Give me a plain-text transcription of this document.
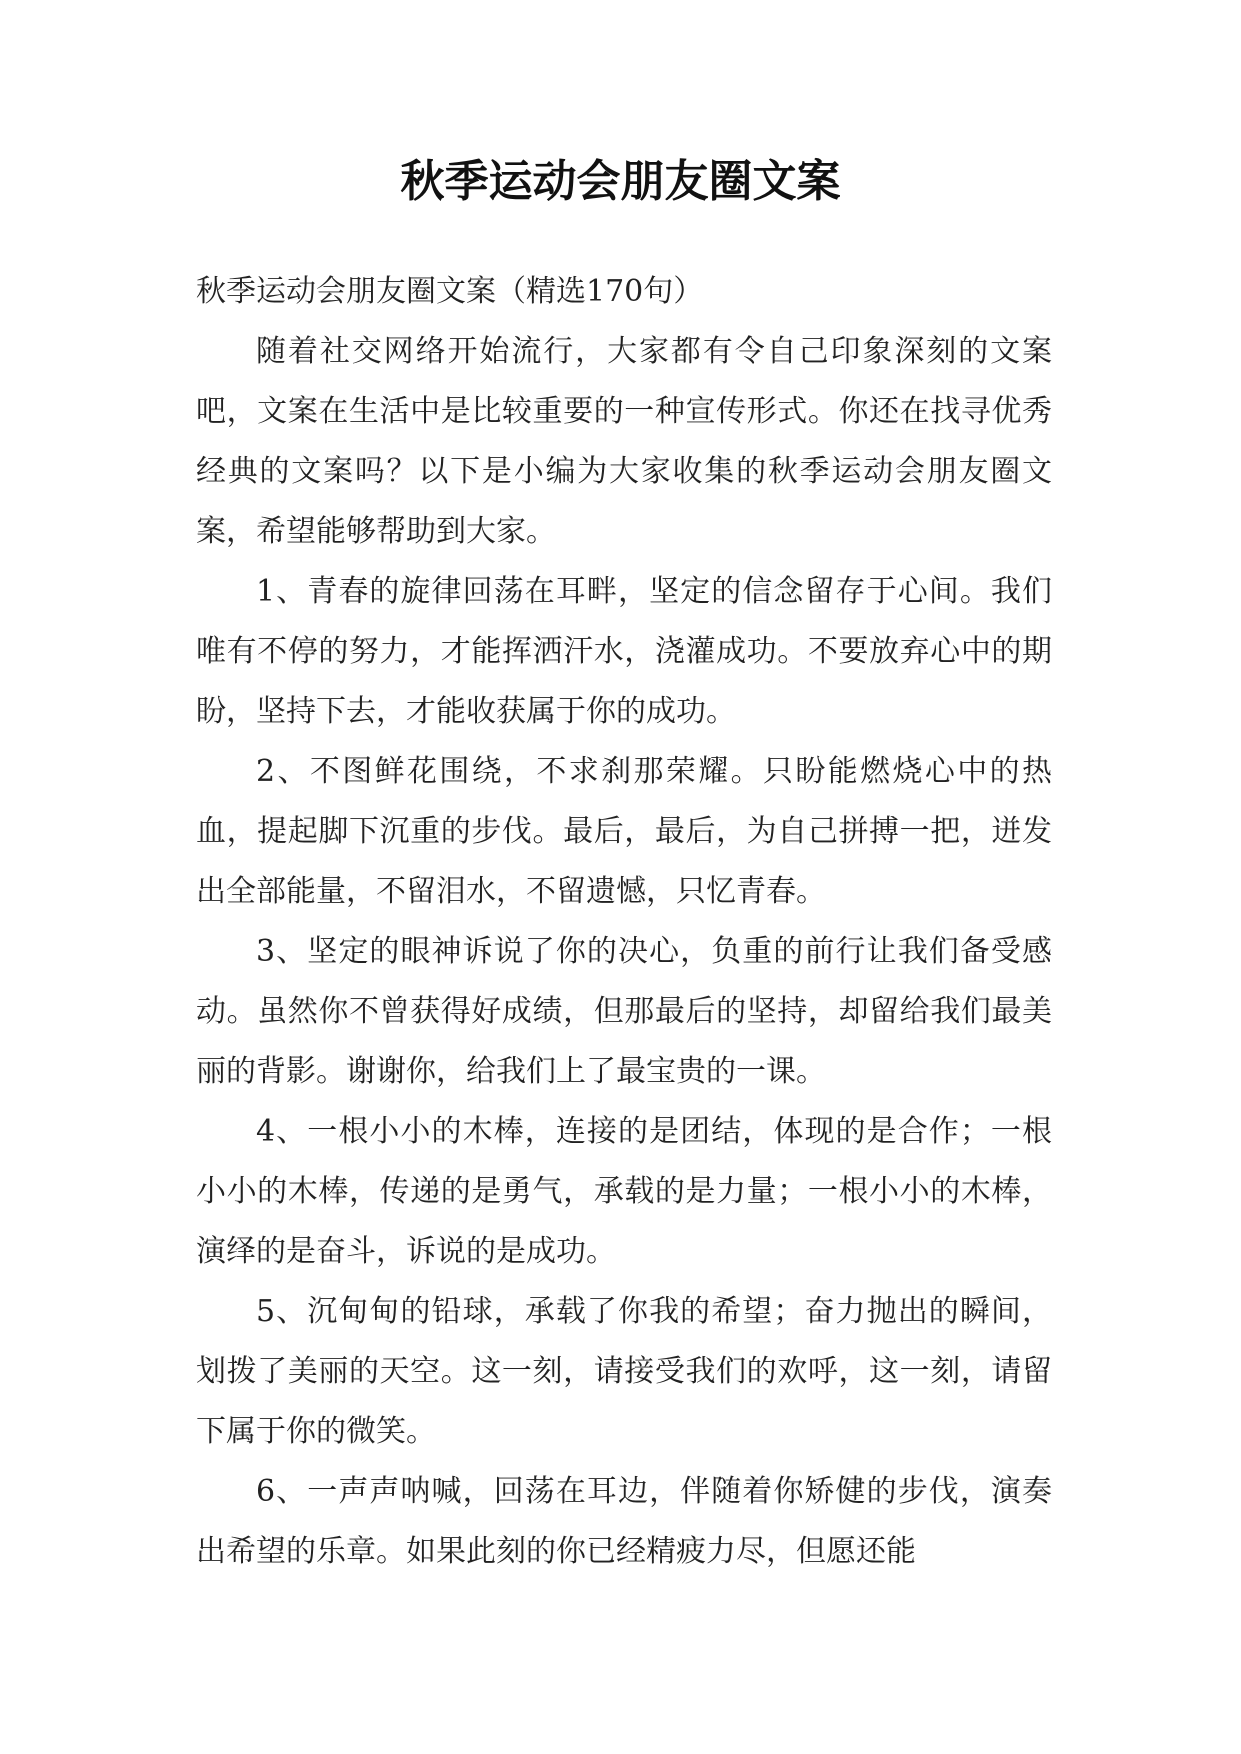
秋季运动会朋友圈文案

秋季运动会朋友圈文案（精选170句）

随着社交网络开始流行，大家都有令自己印象深刻的文案吧，文案在生活中是比较重要的一种宣传形式。你还在找寻优秀经典的文案吗？以下是小编为大家收集的秋季运动会朋友圈文案，希望能够帮助到大家。

1、青春的旋律回荡在耳畔，坚定的信念留存于心间。我们唯有不停的努力，才能挥洒汗水，浇灌成功。不要放弃心中的期盼，坚持下去，才能收获属于你的成功。

2、不图鲜花围绕，不求刹那荣耀。只盼能燃烧心中的热血，提起脚下沉重的步伐。最后，最后，为自己拼搏一把，迸发出全部能量，不留泪水，不留遗憾，只忆青春。

3、坚定的眼神诉说了你的决心，负重的前行让我们备受感动。虽然你不曾获得好成绩，但那最后的坚持，却留给我们最美丽的背影。谢谢你，给我们上了最宝贵的一课。

4、一根小小的木棒，连接的是团结，体现的是合作；一根小小的木棒，传递的是勇气，承载的是力量；一根小小的木棒，演绎的是奋斗，诉说的是成功。

5、沉甸甸的铅球，承载了你我的希望；奋力抛出的瞬间，划拨了美丽的天空。这一刻，请接受我们的欢呼，这一刻，请留下属于你的微笑。

6、一声声呐喊，回荡在耳边，伴随着你矫健的步伐，演奏出希望的乐章。如果此刻的你已经精疲力尽，但愿还能
